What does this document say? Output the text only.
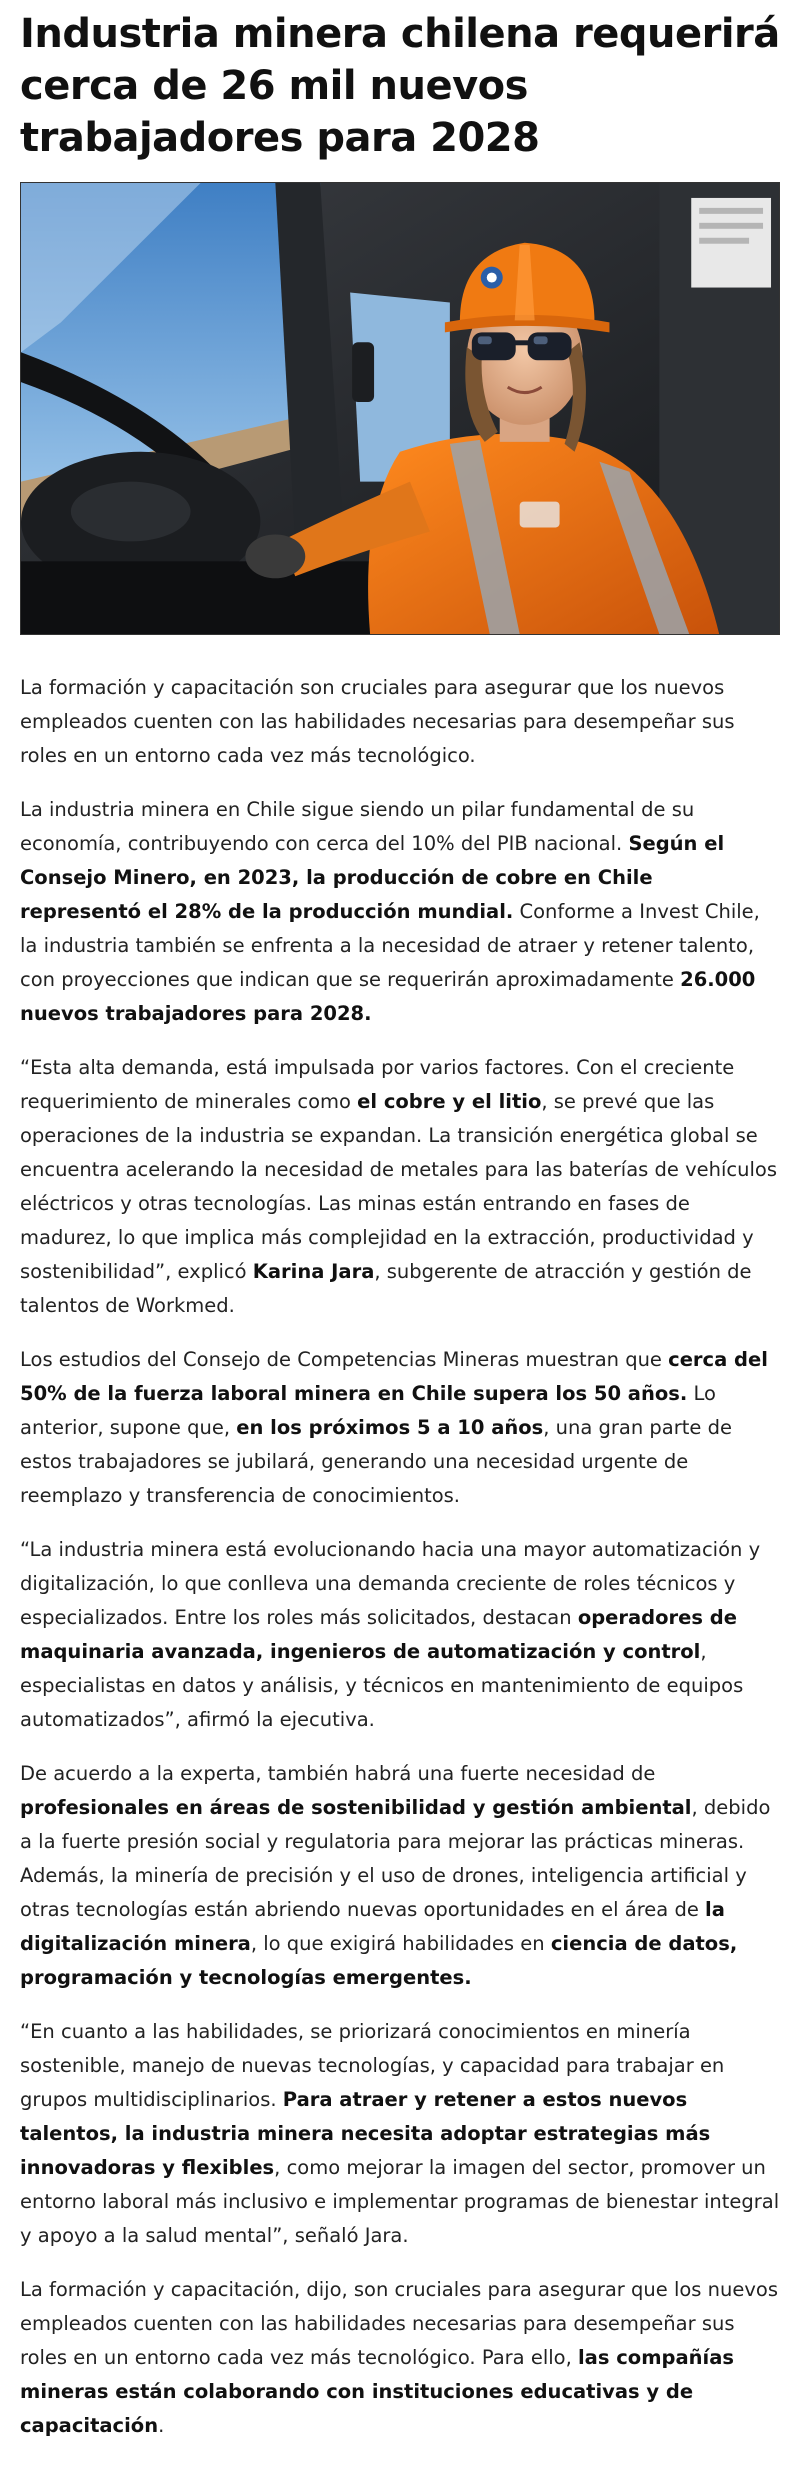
Industria minera chilena requerirá cerca de 26 mil nuevos trabajadores para 2028

La formación y capacitación son cruciales para asegurar que los nuevos empleados cuenten con las habilidades necesarias para desempeñar sus roles en un entorno cada vez más tecnológico.

La industria minera en Chile sigue siendo un pilar fundamental de su economía, contribuyendo con cerca del 10% del PIB nacional. Según el Consejo Minero, en 2023, la producción de cobre en Chile representó el 28% de la producción mundial. Conforme a Invest Chile, la industria también se enfrenta a la necesidad de atraer y retener talento, con proyecciones que indican que se requerirán aproximadamente 26.000 nuevos trabajadores para 2028.

“Esta alta demanda, está impulsada por varios factores. Con el creciente requerimiento de minerales como el cobre y el litio, se prevé que las operaciones de la industria se expandan. La transición energética global se encuentra acelerando la necesidad de metales para las baterías de vehículos eléctricos y otras tecnologías. Las minas están entrando en fases de madurez, lo que implica más complejidad en la extracción, productividad y sostenibilidad”, explicó Karina Jara, subgerente de atracción y gestión de talentos de Workmed.

Los estudios del Consejo de Competencias Mineras muestran que cerca del 50% de la fuerza laboral minera en Chile supera los 50 años. Lo anterior, supone que, en los próximos 5 a 10 años, una gran parte de estos trabajadores se jubilará, generando una necesidad urgente de reemplazo y transferencia de conocimientos.

“La industria minera está evolucionando hacia una mayor automatización y digitalización, lo que conlleva una demanda creciente de roles técnicos y especializados. Entre los roles más solicitados, destacan operadores de maquinaria avanzada, ingenieros de automatización y control, especialistas en datos y análisis, y técnicos en mantenimiento de equipos automatizados”, afirmó la ejecutiva.

De acuerdo a la experta, también habrá una fuerte necesidad de profesionales en áreas de sostenibilidad y gestión ambiental, debido a la fuerte presión social y regulatoria para mejorar las prácticas mineras. Además, la minería de precisión y el uso de drones, inteligencia artificial y otras tecnologías están abriendo nuevas oportunidades en el área de la digitalización minera, lo que exigirá habilidades en ciencia de datos, programación y tecnologías emergentes.

“En cuanto a las habilidades, se priorizará conocimientos en minería sostenible, manejo de nuevas tecnologías, y capacidad para trabajar en grupos multidisciplinarios. Para atraer y retener a estos nuevos talentos, la industria minera necesita adoptar estrategias más innovadoras y flexibles, como mejorar la imagen del sector, promover un entorno laboral más inclusivo e implementar programas de bienestar integral y apoyo a la salud mental”, señaló Jara.

La formación y capacitación, dijo, son cruciales para asegurar que los nuevos empleados cuenten con las habilidades necesarias para desempeñar sus roles en un entorno cada vez más tecnológico. Para ello, las compañías mineras están colaborando con instituciones educativas y de capacitación.
